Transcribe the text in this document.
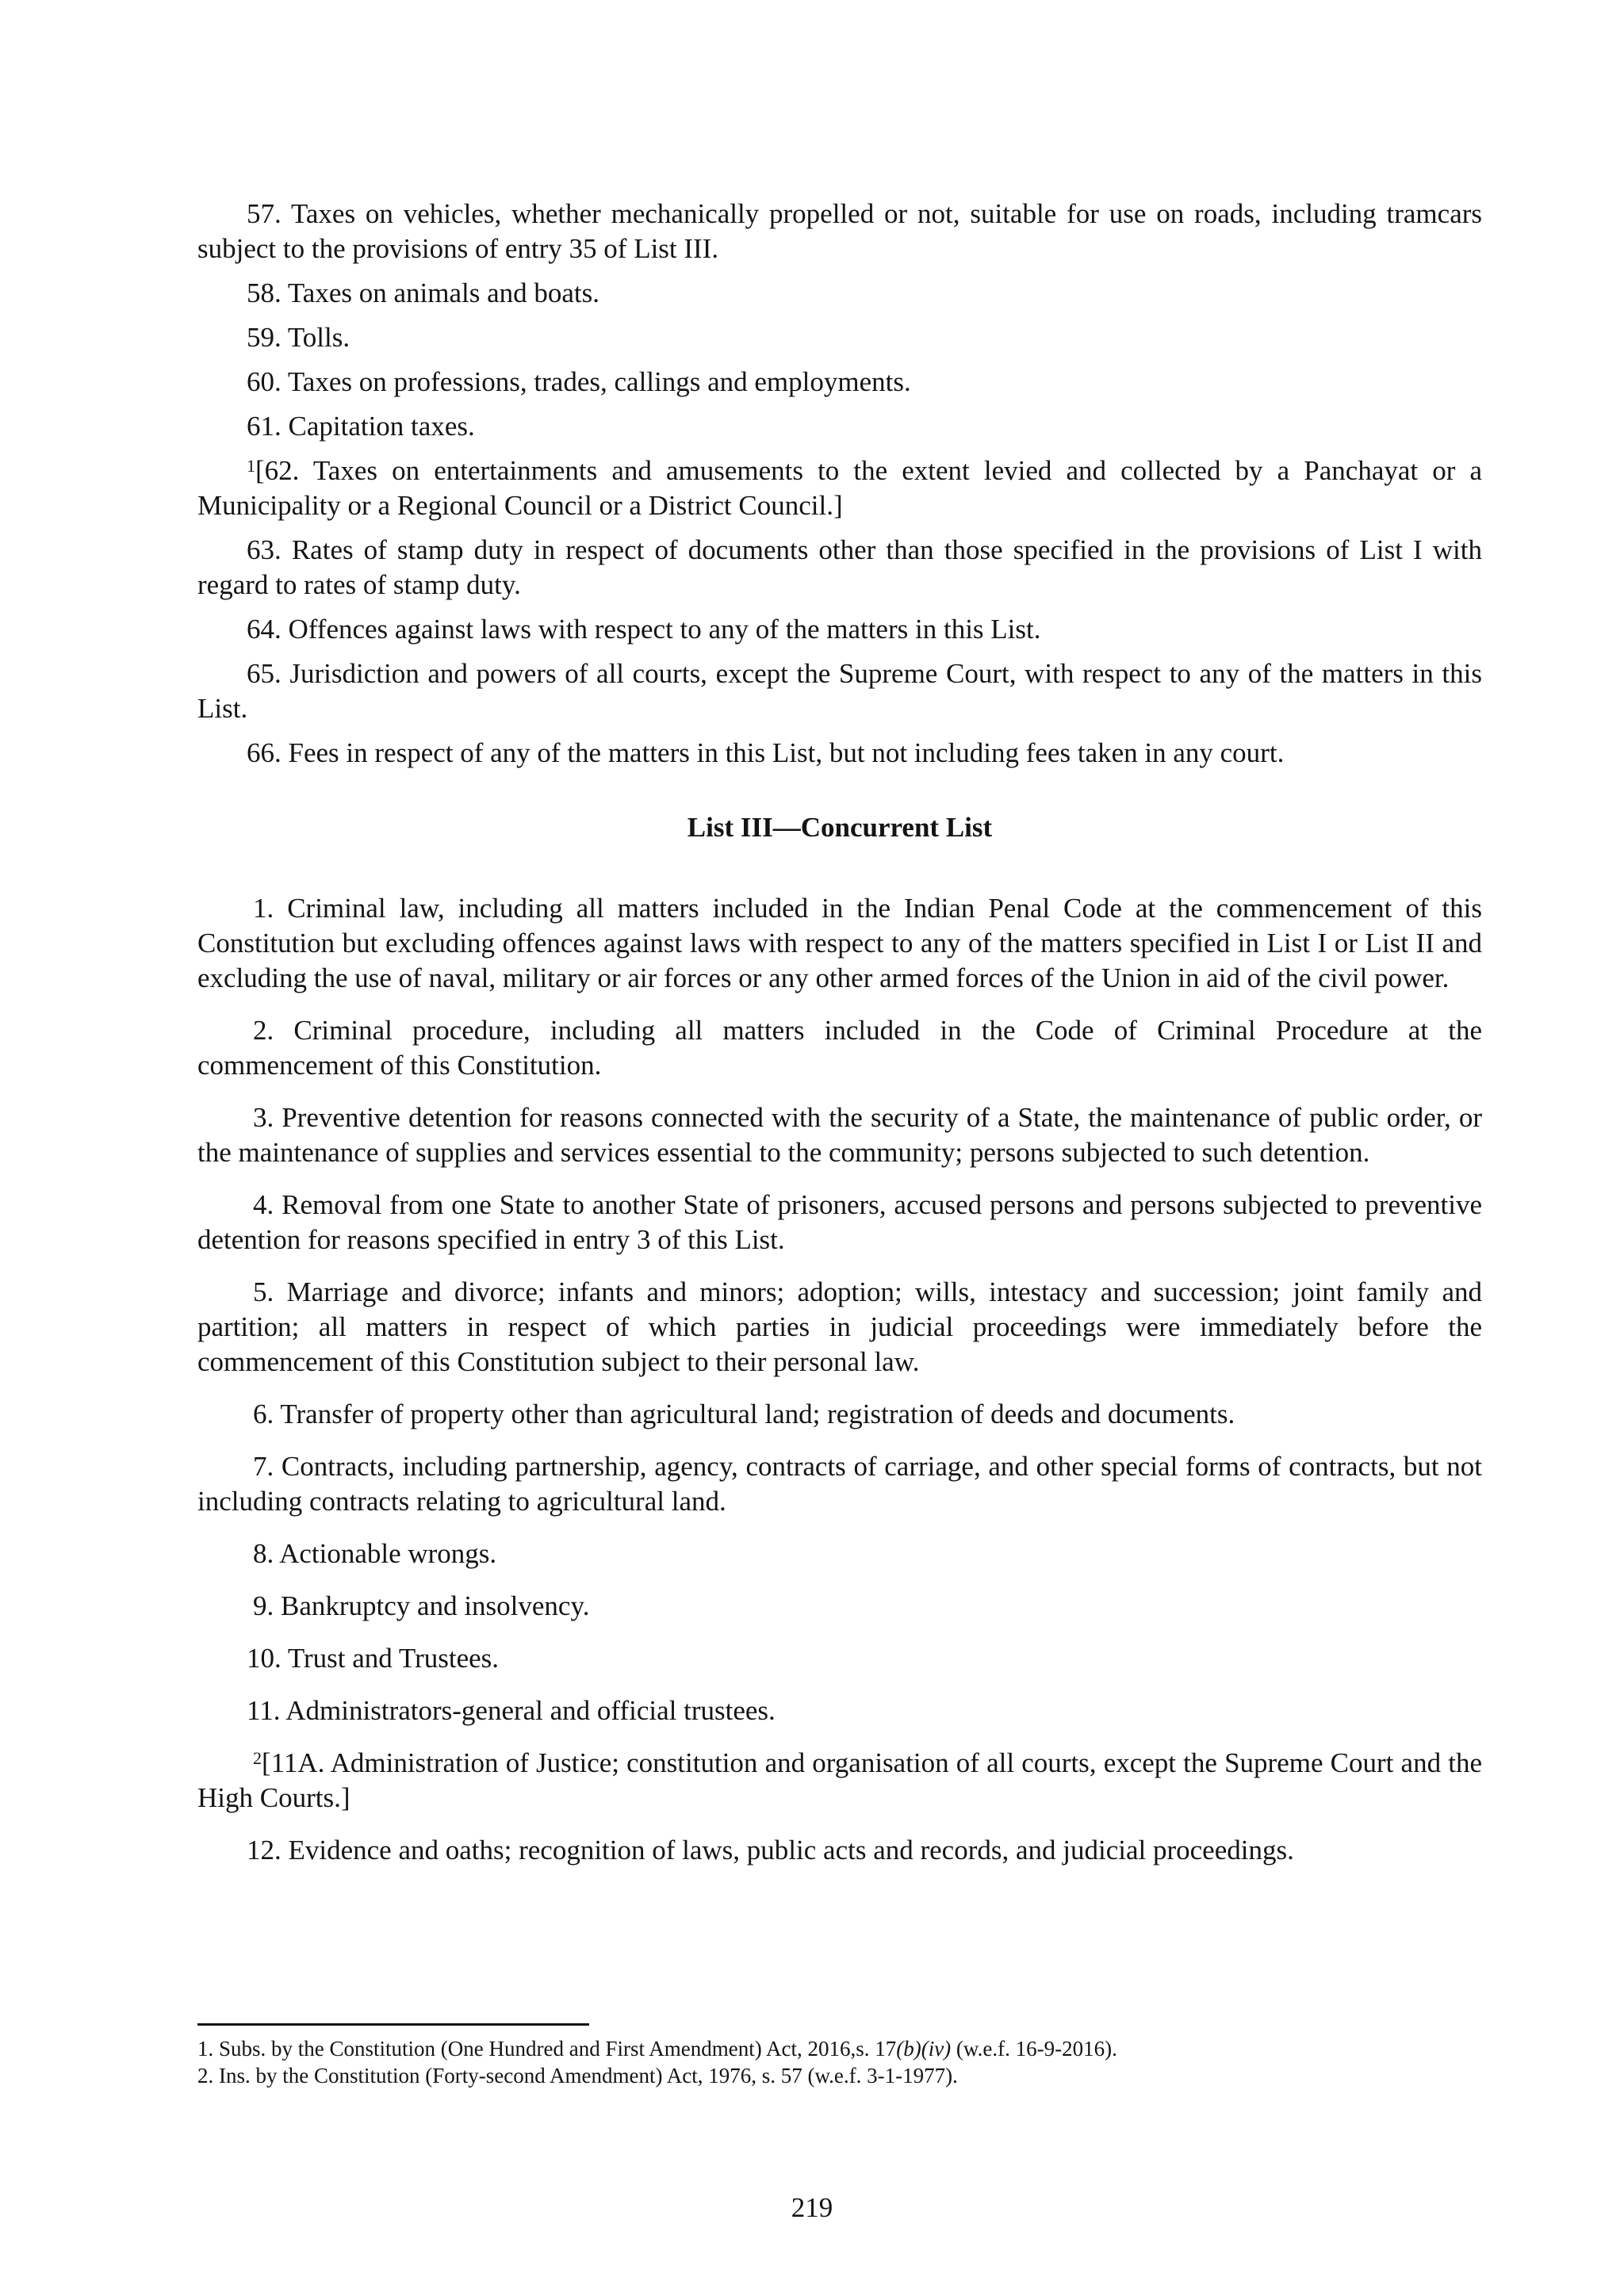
57. Taxes on vehicles, whether mechanically propelled or not, suitable for use on roads, including tramcars subject to the provisions of entry 35 of List III.

58. Taxes on animals and boats.

59. Tolls.

60. Taxes on professions, trades, callings and employments.

61. Capitation taxes.

$^1$[62. Taxes on entertainments and amusements to the extent levied and collected by a Panchayat or a Municipality or a Regional Council or a District Council.]

63. Rates of stamp duty in respect of documents other than those specified in the provisions of List I with regard to rates of stamp duty.

64. Offences against laws with respect to any of the matters in this List.

65. Jurisdiction and powers of all courts, except the Supreme Court, with respect to any of the matters in this List.

66. Fees in respect of any of the matters in this List, but not including fees taken in any court.

List III—Concurrent List

1. Criminal law, including all matters included in the Indian Penal Code at the commencement of this Constitution but excluding offences against laws with respect to any of the matters specified in List I or List II and excluding the use of naval, military or air forces or any other armed forces of the Union in aid of the civil power.

2. Criminal procedure, including all matters included in the Code of Criminal Procedure at the commencement of this Constitution.

3. Preventive detention for reasons connected with the security of a State, the maintenance of public order, or the maintenance of supplies and services essential to the community; persons subjected to such detention.

4. Removal from one State to another State of prisoners, accused persons and persons subjected to preventive detention for reasons specified in entry 3 of this List.

5. Marriage and divorce; infants and minors; adoption; wills, intestacy and succession; joint family and partition; all matters in respect of which parties in judicial proceedings were immediately before the commencement of this Constitution subject to their personal law.

6. Transfer of property other than agricultural land; registration of deeds and documents.

7. Contracts, including partnership, agency, contracts of carriage, and other special forms of contracts, but not including contracts relating to agricultural land.

8. Actionable wrongs.

9. Bankruptcy and insolvency.

10. Trust and Trustees.

11. Administrators-general and official trustees.

$^2$[11A. Administration of Justice; constitution and organisation of all courts, except the Supreme Court and the High Courts.]

12. Evidence and oaths; recognition of laws, public acts and records, and judicial proceedings.

1. Subs. by the Constitution (One Hundred and First Amendment) Act, 2016,s. 17(b)(iv) (w.e.f. 16-9-2016).

2. Ins. by the Constitution (Forty-second Amendment) Act, 1976, s. 57 (w.e.f. 3-1-1977).

219
